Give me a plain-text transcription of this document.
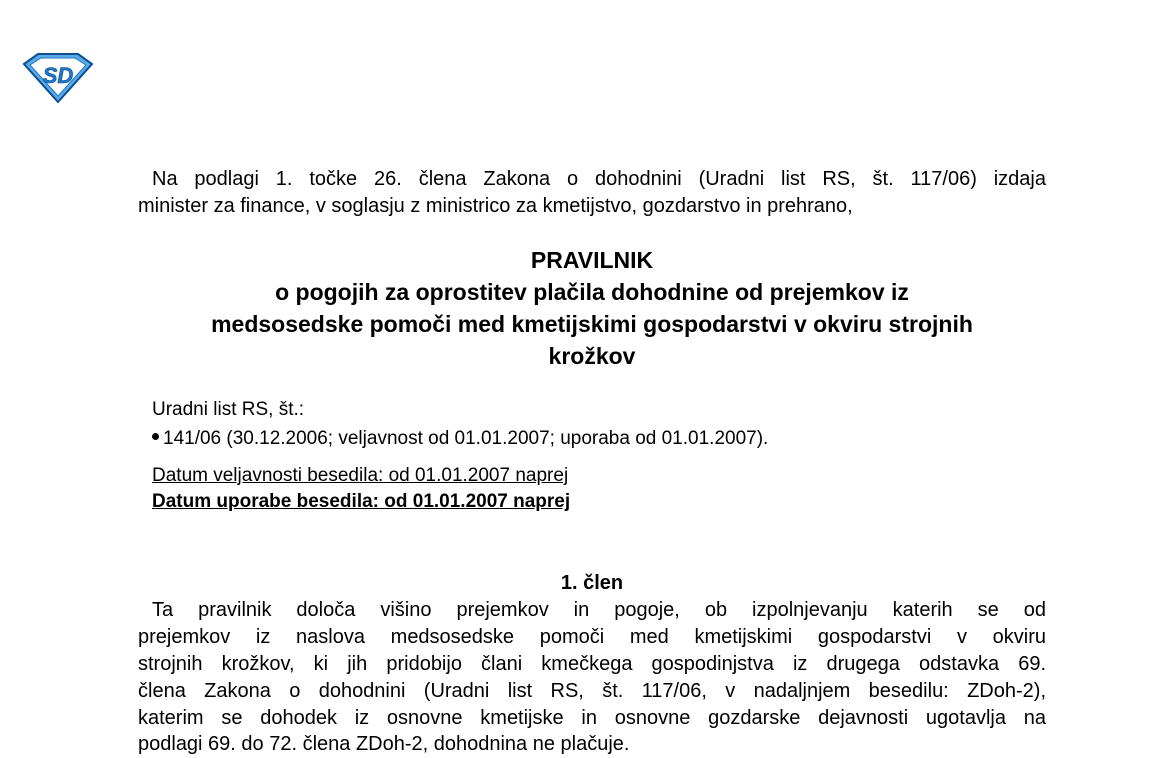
SD

Na podlagi 1. točke 26. člena Zakona o dohodnini (Uradni list RS, št. 117/06) izdaja

minister za finance, v soglasju z ministrico za kmetijstvo, gozdarstvo in prehrano,

PRAVILNIK

o pogojih za oprostitev plačila dohodnine od prejemkov iz

medsosedske pomoči med kmetijskimi gospodarstvi v okviru strojnih

krožkov

Uradni list RS, št.:

141/06 (30.12.2006; veljavnost od 01.01.2007; uporaba od 01.01.2007).

Datum veljavnosti besedila: od 01.01.2007 naprej

Datum uporabe besedila: od 01.01.2007 naprej

1. člen

Ta pravilnik določa višino prejemkov in pogoje, ob izpolnjevanju katerih se od

prejemkov iz naslova medsosedske pomoči med kmetijskimi gospodarstvi v okviru

strojnih krožkov, ki jih pridobijo člani kmečkega gospodinjstva iz drugega odstavka 69.

člena Zakona o dohodnini (Uradni list RS, št. 117/06, v nadaljnjem besedilu: ZDoh-2),

katerim se dohodek iz osnovne kmetijske in osnovne gozdarske dejavnosti ugotavlja na

podlagi 69. do 72. člena ZDoh-2, dohodnina ne plačuje.
